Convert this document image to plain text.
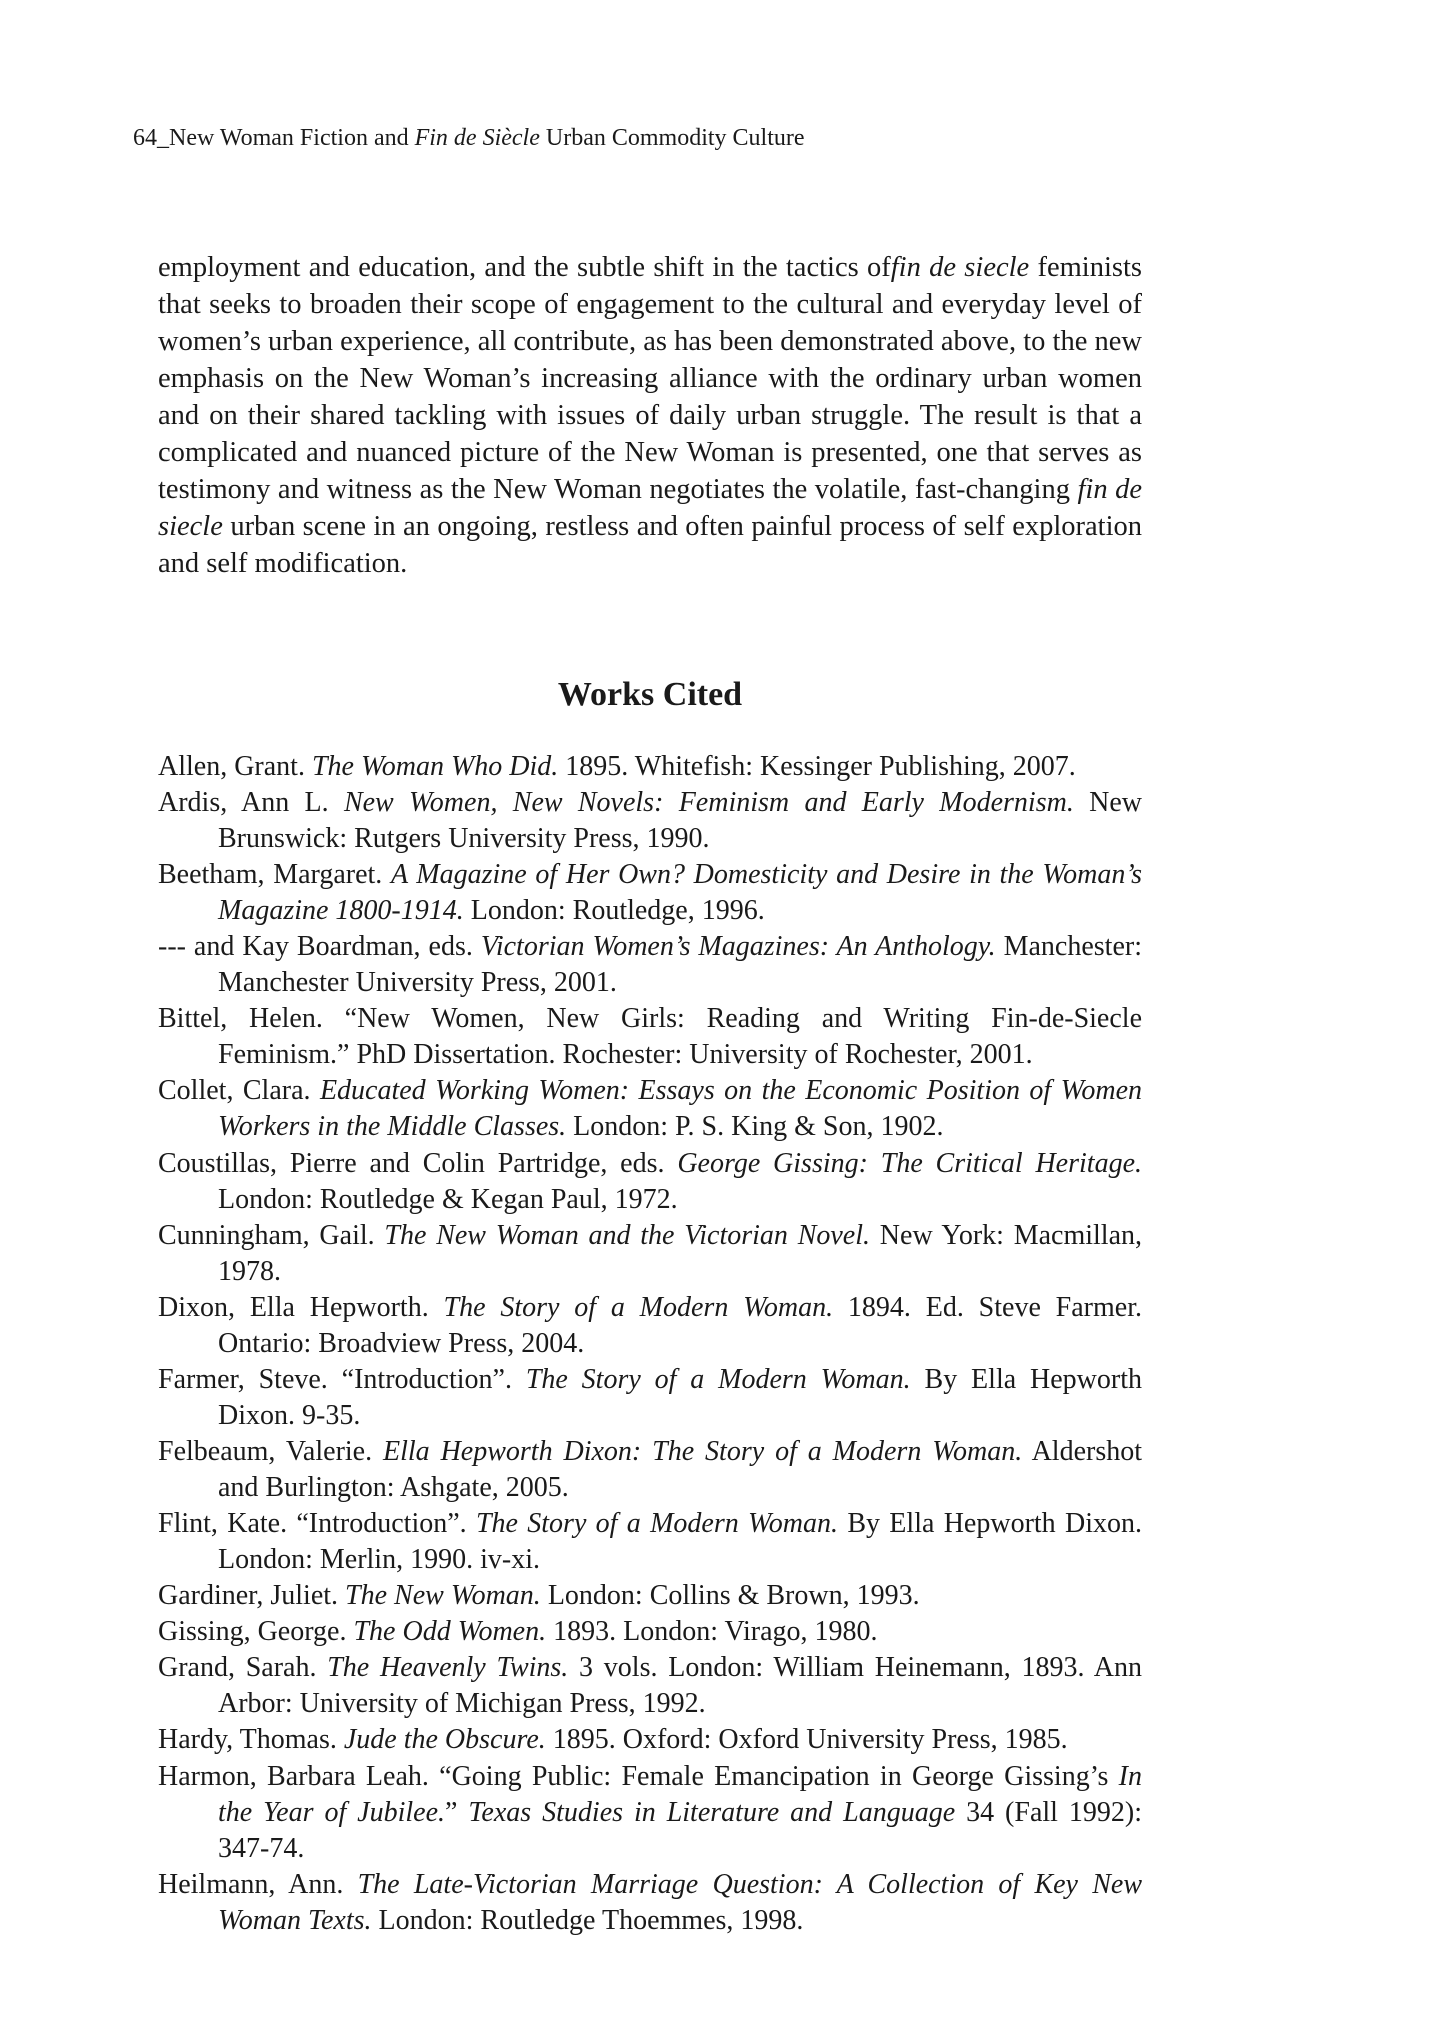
64_New Woman Fiction and Fin de Siècle Urban Commodity Culture

employment and education, and the subtle shift in the tactics offin de siecle feminists that seeks to broaden their scope of engagement to the cultural and everyday level of women’s urban experience, all contribute, as has been demonstrated above, to the new emphasis on the New Woman’s increasing alliance with the ordinary urban women and on their shared tackling with issues of daily urban struggle. The result is that a complicated and nuanced picture of the New Woman is presented, one that serves as testimony and witness as the New Woman negotiates the volatile, fast-changing fin de siecle urban scene in an ongoing, restless and often painful process of self exploration and self modification.

Works Cited
Allen, Grant. The Woman Who Did. 1895. Whitefish: Kessinger Publishing, 2007.
Ardis, Ann L. New Women, New Novels: Feminism and Early Modernism. New Brunswick: Rutgers University Press, 1990.
Beetham, Margaret. A Magazine of Her Own? Domesticity and Desire in the Woman’s Magazine 1800-1914. London: Routledge, 1996.
--- and Kay Boardman, eds. Victorian Women’s Magazines: An Anthology. Manchester: Manchester University Press, 2001.
Bittel, Helen. “New Women, New Girls: Reading and Writing Fin-de-Siecle Feminism.” PhD Dissertation. Rochester: University of Rochester, 2001.
Collet, Clara. Educated Working Women: Essays on the Economic Position of Women Workers in the Middle Classes. London: P. S. King & Son, 1902.
Coustillas, Pierre and Colin Partridge, eds. George Gissing: The Critical Heritage. London: Routledge & Kegan Paul, 1972.
Cunningham, Gail. The New Woman and the Victorian Novel. New York: Macmillan, 1978.
Dixon, Ella Hepworth. The Story of a Modern Woman. 1894. Ed. Steve Farmer. Ontario: Broadview Press, 2004.
Farmer, Steve. “Introduction”. The Story of a Modern Woman. By Ella Hepworth Dixon. 9-35.
Felbeaum, Valerie. Ella Hepworth Dixon: The Story of a Modern Woman. Aldershot and Burlington: Ashgate, 2005.
Flint, Kate. “Introduction”. The Story of a Modern Woman. By Ella Hepworth Dixon. London: Merlin, 1990. iv-xi.
Gardiner, Juliet. The New Woman. London: Collins & Brown, 1993.
Gissing, George. The Odd Women. 1893. London: Virago, 1980.
Grand, Sarah. The Heavenly Twins. 3 vols. London: William Heinemann, 1893. Ann Arbor: University of Michigan Press, 1992.
Hardy, Thomas. Jude the Obscure. 1895. Oxford: Oxford University Press, 1985.
Harmon, Barbara Leah. “Going Public: Female Emancipation in George Gissing’s In the Year of Jubilee.” Texas Studies in Literature and Language 34 (Fall 1992): 347-74.
Heilmann, Ann. The Late-Victorian Marriage Question: A Collection of Key New Woman Texts. London: Routledge Thoemmes, 1998.
